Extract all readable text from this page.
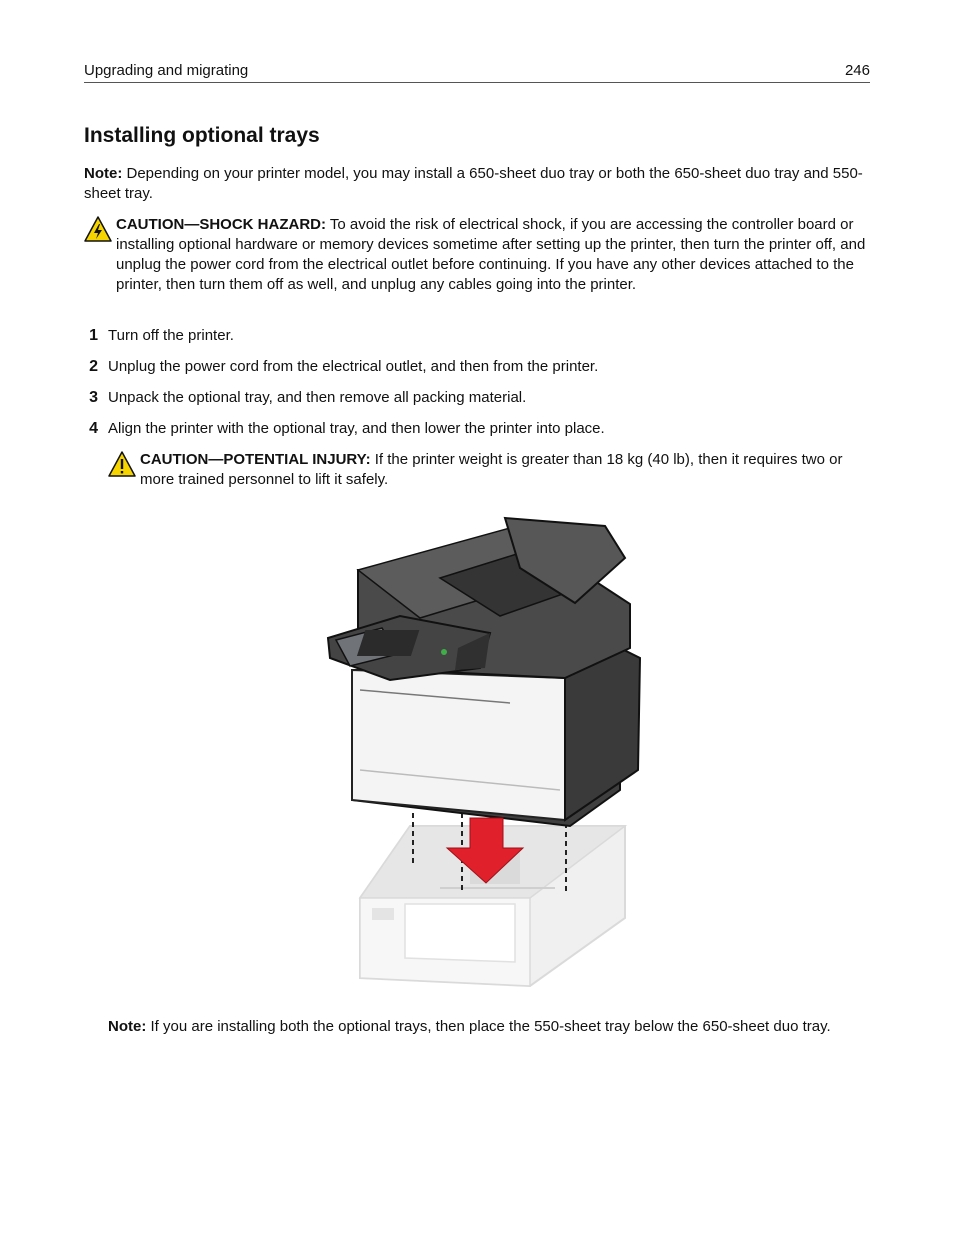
Upgrading and migrating	246
Installing optional trays
Note: Depending on your printer model, you may install a 650-sheet duo tray or both the 650-sheet duo tray and 550-sheet tray.
CAUTION—SHOCK HAZARD: To avoid the risk of electrical shock, if you are accessing the controller board or installing optional hardware or memory devices sometime after setting up the printer, then turn the printer off, and unplug the power cord from the electrical outlet before continuing. If you have any other devices attached to the printer, then turn them off as well, and unplug any cables going into the printer.
1 Turn off the printer.
2 Unplug the power cord from the electrical outlet, and then from the printer.
3 Unpack the optional tray, and then remove all packing material.
4 Align the printer with the optional tray, and then lower the printer into place.
CAUTION—POTENTIAL INJURY: If the printer weight is greater than 18 kg (40 lb), then it requires two or more trained personnel to lift it safely.
Note: If you are installing both the optional trays, then place the 550-sheet tray below the 650-sheet duo tray.
